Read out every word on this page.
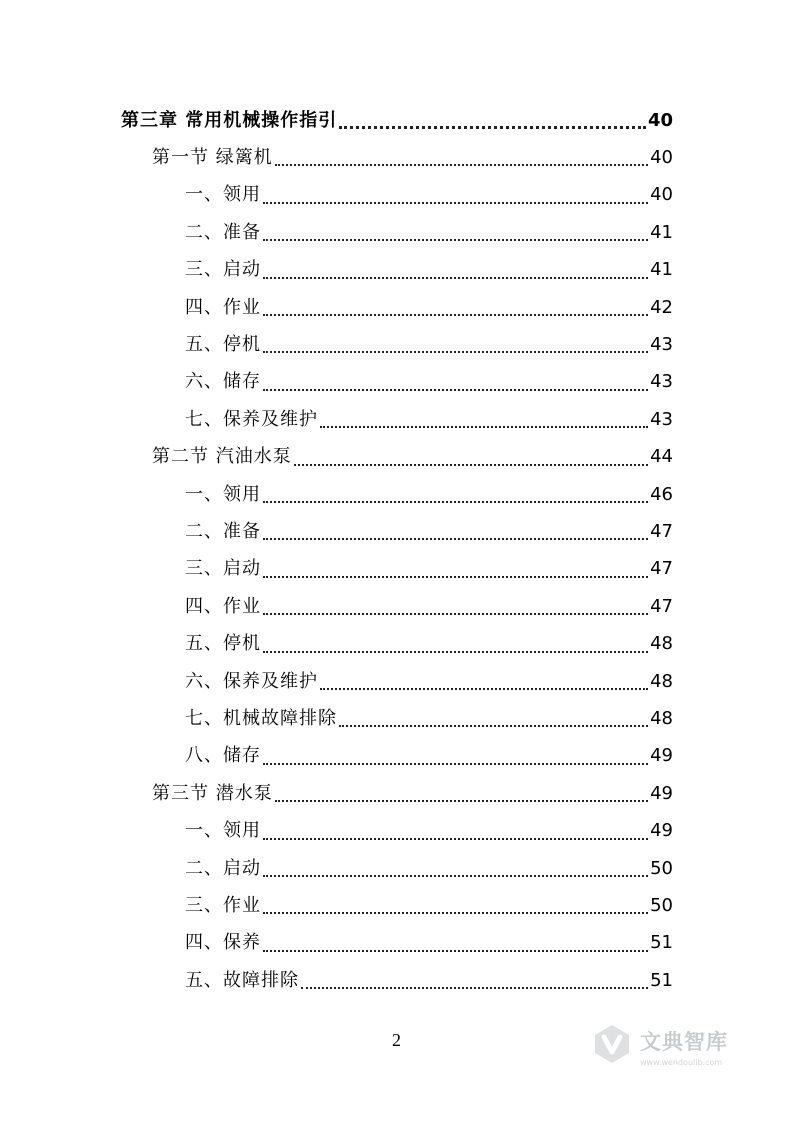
第三章 常用机械操作指引	40
第一节 绿篱机	40
一、领用	40
二、准备	41
三、启动	41
四、作业	42
五、停机	43
六、储存	43
七、保养及维护	43
第二节 汽油水泵	44
一、领用	46
二、准备	47
三、启动	47
四、作业	47
五、停机	48
六、保养及维护	48
七、机械故障排除	48
八、储存	49
第三节 潜水泵	49
一、领用	49
二、启动	50
三、作业	50
四、保养	51
五、故障排除	51
2	文典智库
www.wendoulib.com
